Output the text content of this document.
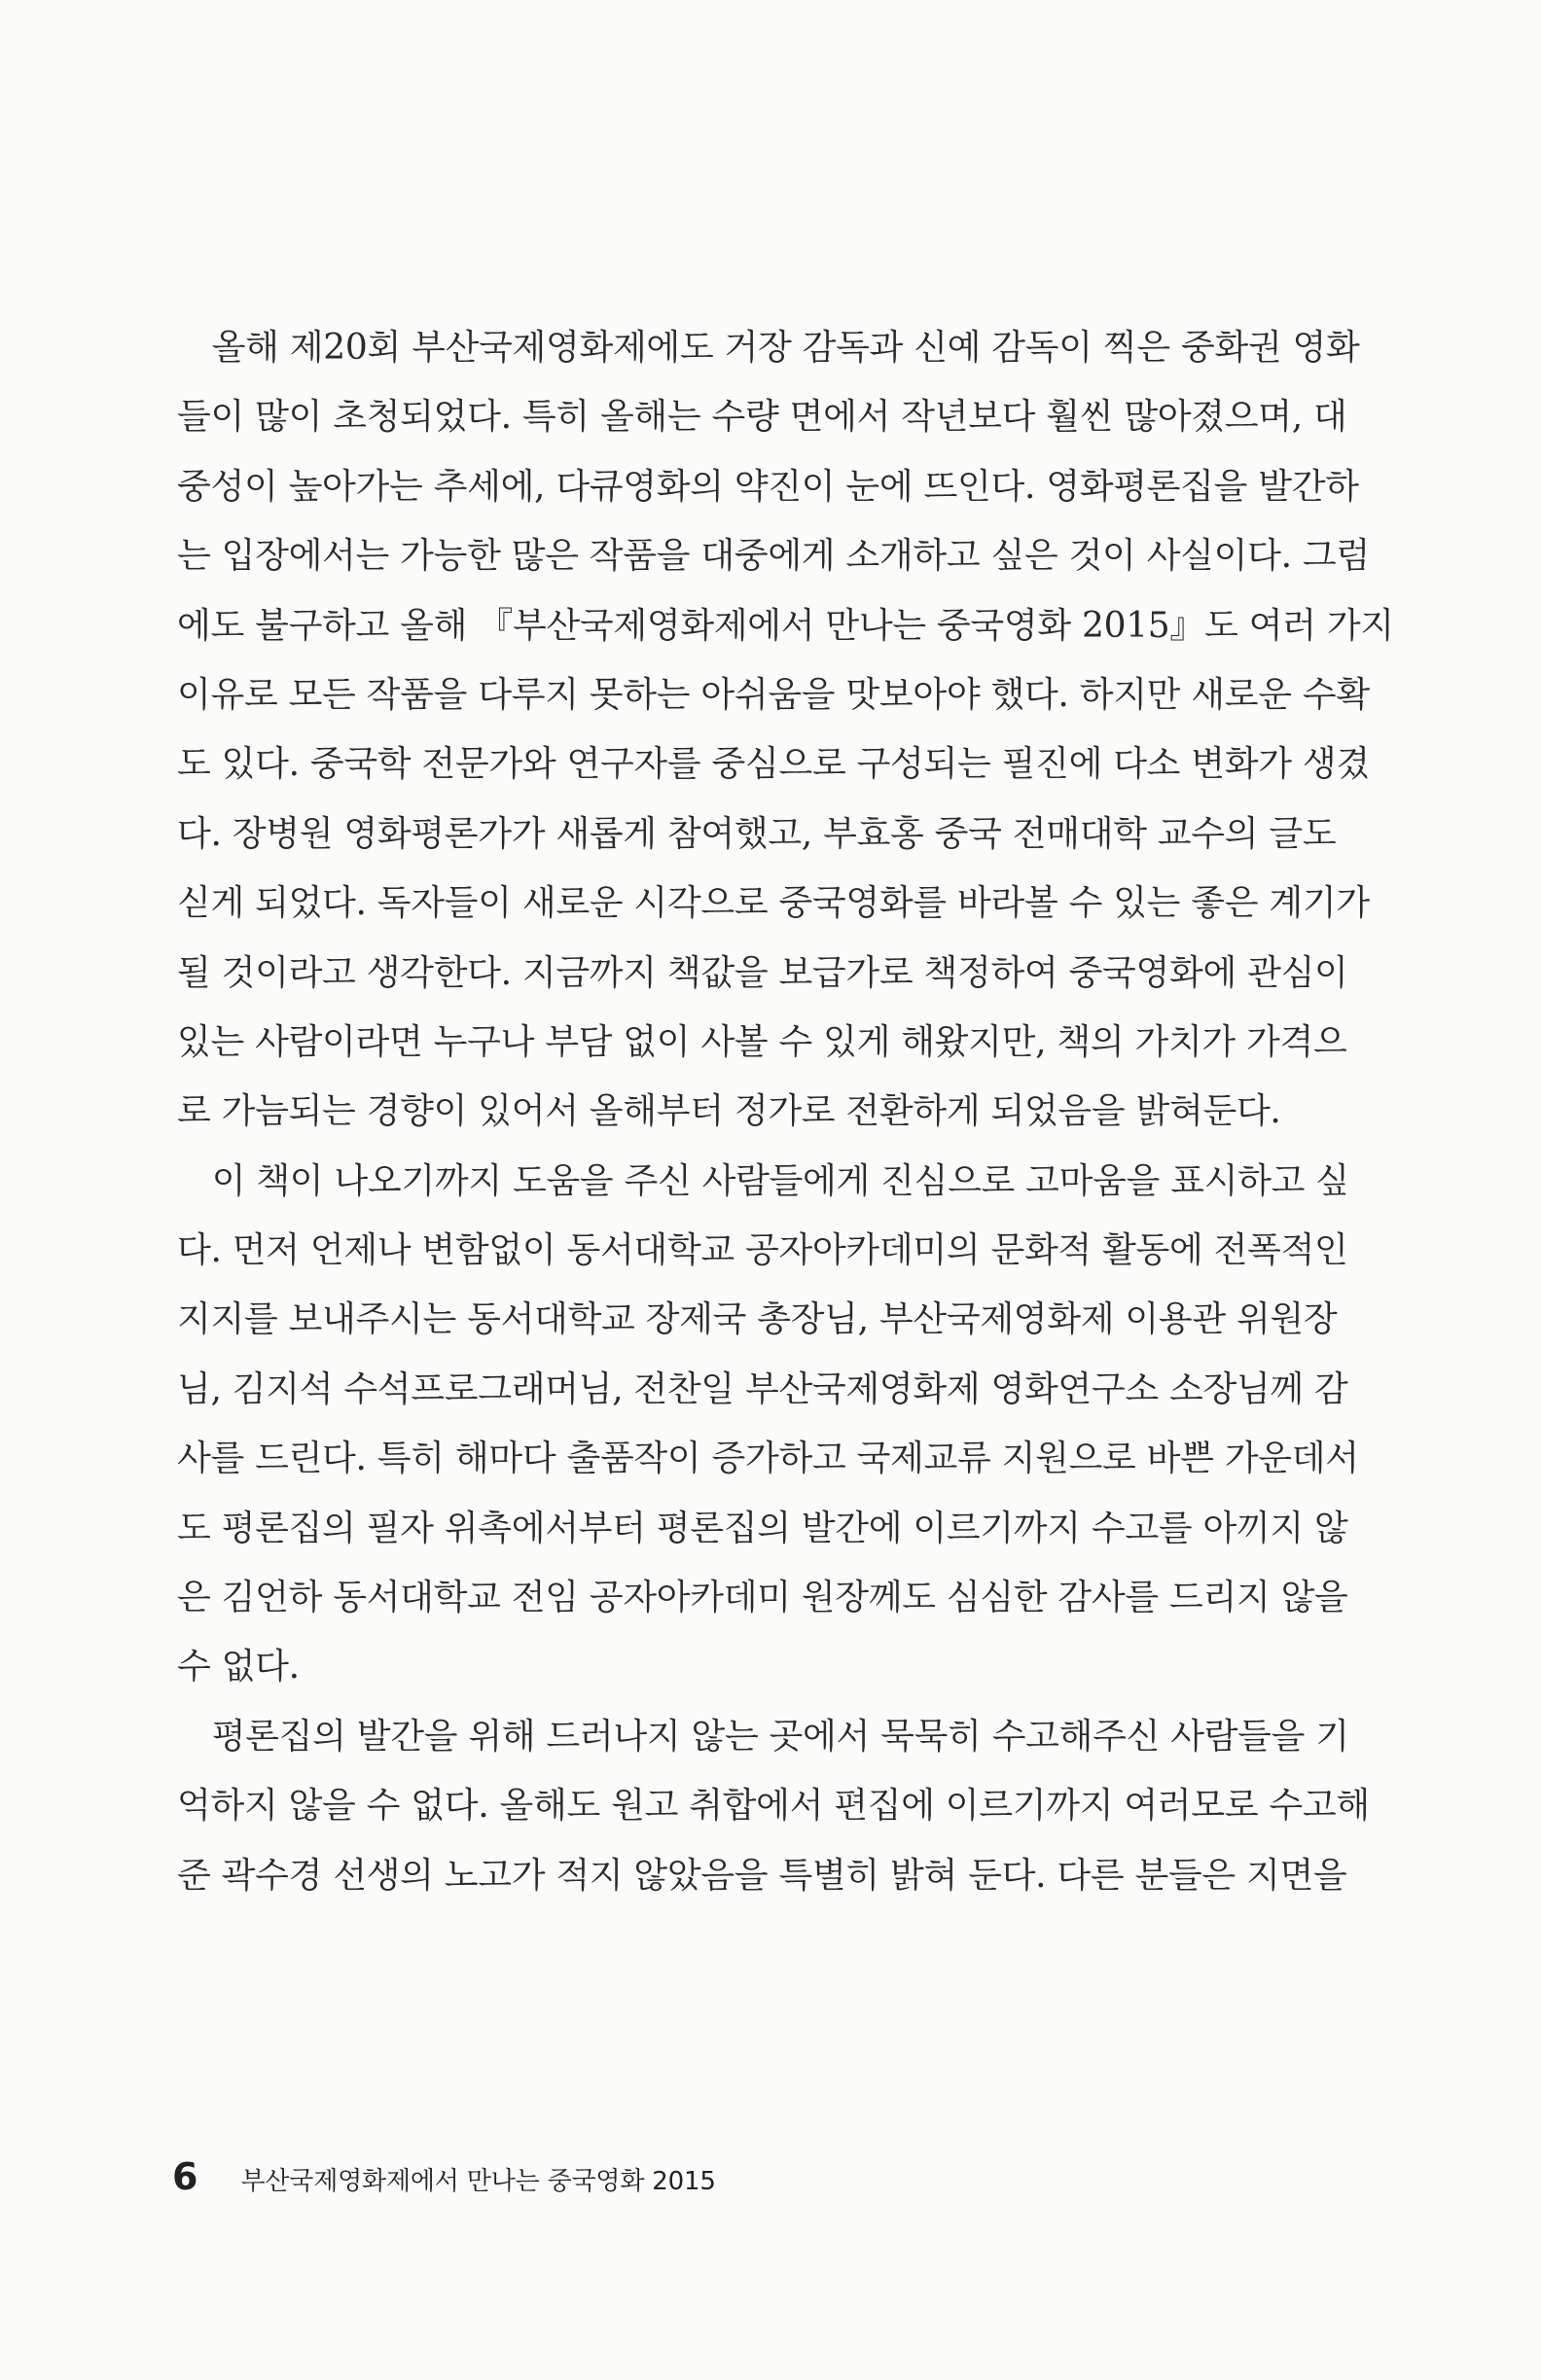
　올해 제20회 부산국제영화제에도 거장 감독과 신예 감독이 찍은 중화권 영화
들이 많이 초청되었다. 특히 올해는 수량 면에서 작년보다 훨씬 많아졌으며, 대
중성이 높아가는 추세에, 다큐영화의 약진이 눈에 뜨인다. 영화평론집을 발간하
는 입장에서는 가능한 많은 작품을 대중에게 소개하고 싶은 것이 사실이다. 그럼
에도 불구하고 올해 『부산국제영화제에서 만나는 중국영화 2015』도 여러 가지
이유로 모든 작품을 다루지 못하는 아쉬움을 맛보아야 했다. 하지만 새로운 수확
도 있다. 중국학 전문가와 연구자를 중심으로 구성되는 필진에 다소 변화가 생겼
다. 장병원 영화평론가가 새롭게 참여했고, 부효홍 중국 전매대학 교수의 글도
싣게 되었다. 독자들이 새로운 시각으로 중국영화를 바라볼 수 있는 좋은 계기가
될 것이라고 생각한다. 지금까지 책값을 보급가로 책정하여 중국영화에 관심이
있는 사람이라면 누구나 부담 없이 사볼 수 있게 해왔지만, 책의 가치가 가격으
로 가늠되는 경향이 있어서 올해부터 정가로 전환하게 되었음을 밝혀둔다.
　이 책이 나오기까지 도움을 주신 사람들에게 진심으로 고마움을 표시하고 싶
다. 먼저 언제나 변함없이 동서대학교 공자아카데미의 문화적 활동에 전폭적인
지지를 보내주시는 동서대학교 장제국 총장님, 부산국제영화제 이용관 위원장
님, 김지석 수석프로그래머님, 전찬일 부산국제영화제 영화연구소 소장님께 감
사를 드린다. 특히 해마다 출품작이 증가하고 국제교류 지원으로 바쁜 가운데서
도 평론집의 필자 위촉에서부터 평론집의 발간에 이르기까지 수고를 아끼지 않
은 김언하 동서대학교 전임 공자아카데미 원장께도 심심한 감사를 드리지 않을
수 없다.
　평론집의 발간을 위해 드러나지 않는 곳에서 묵묵히 수고해주신 사람들을 기
억하지 않을 수 없다. 올해도 원고 취합에서 편집에 이르기까지 여러모로 수고해
준 곽수경 선생의 노고가 적지 않았음을 특별히 밝혀 둔다. 다른 분들은 지면을
6 부산국제영화제에서 만나는 중국영화 2015
